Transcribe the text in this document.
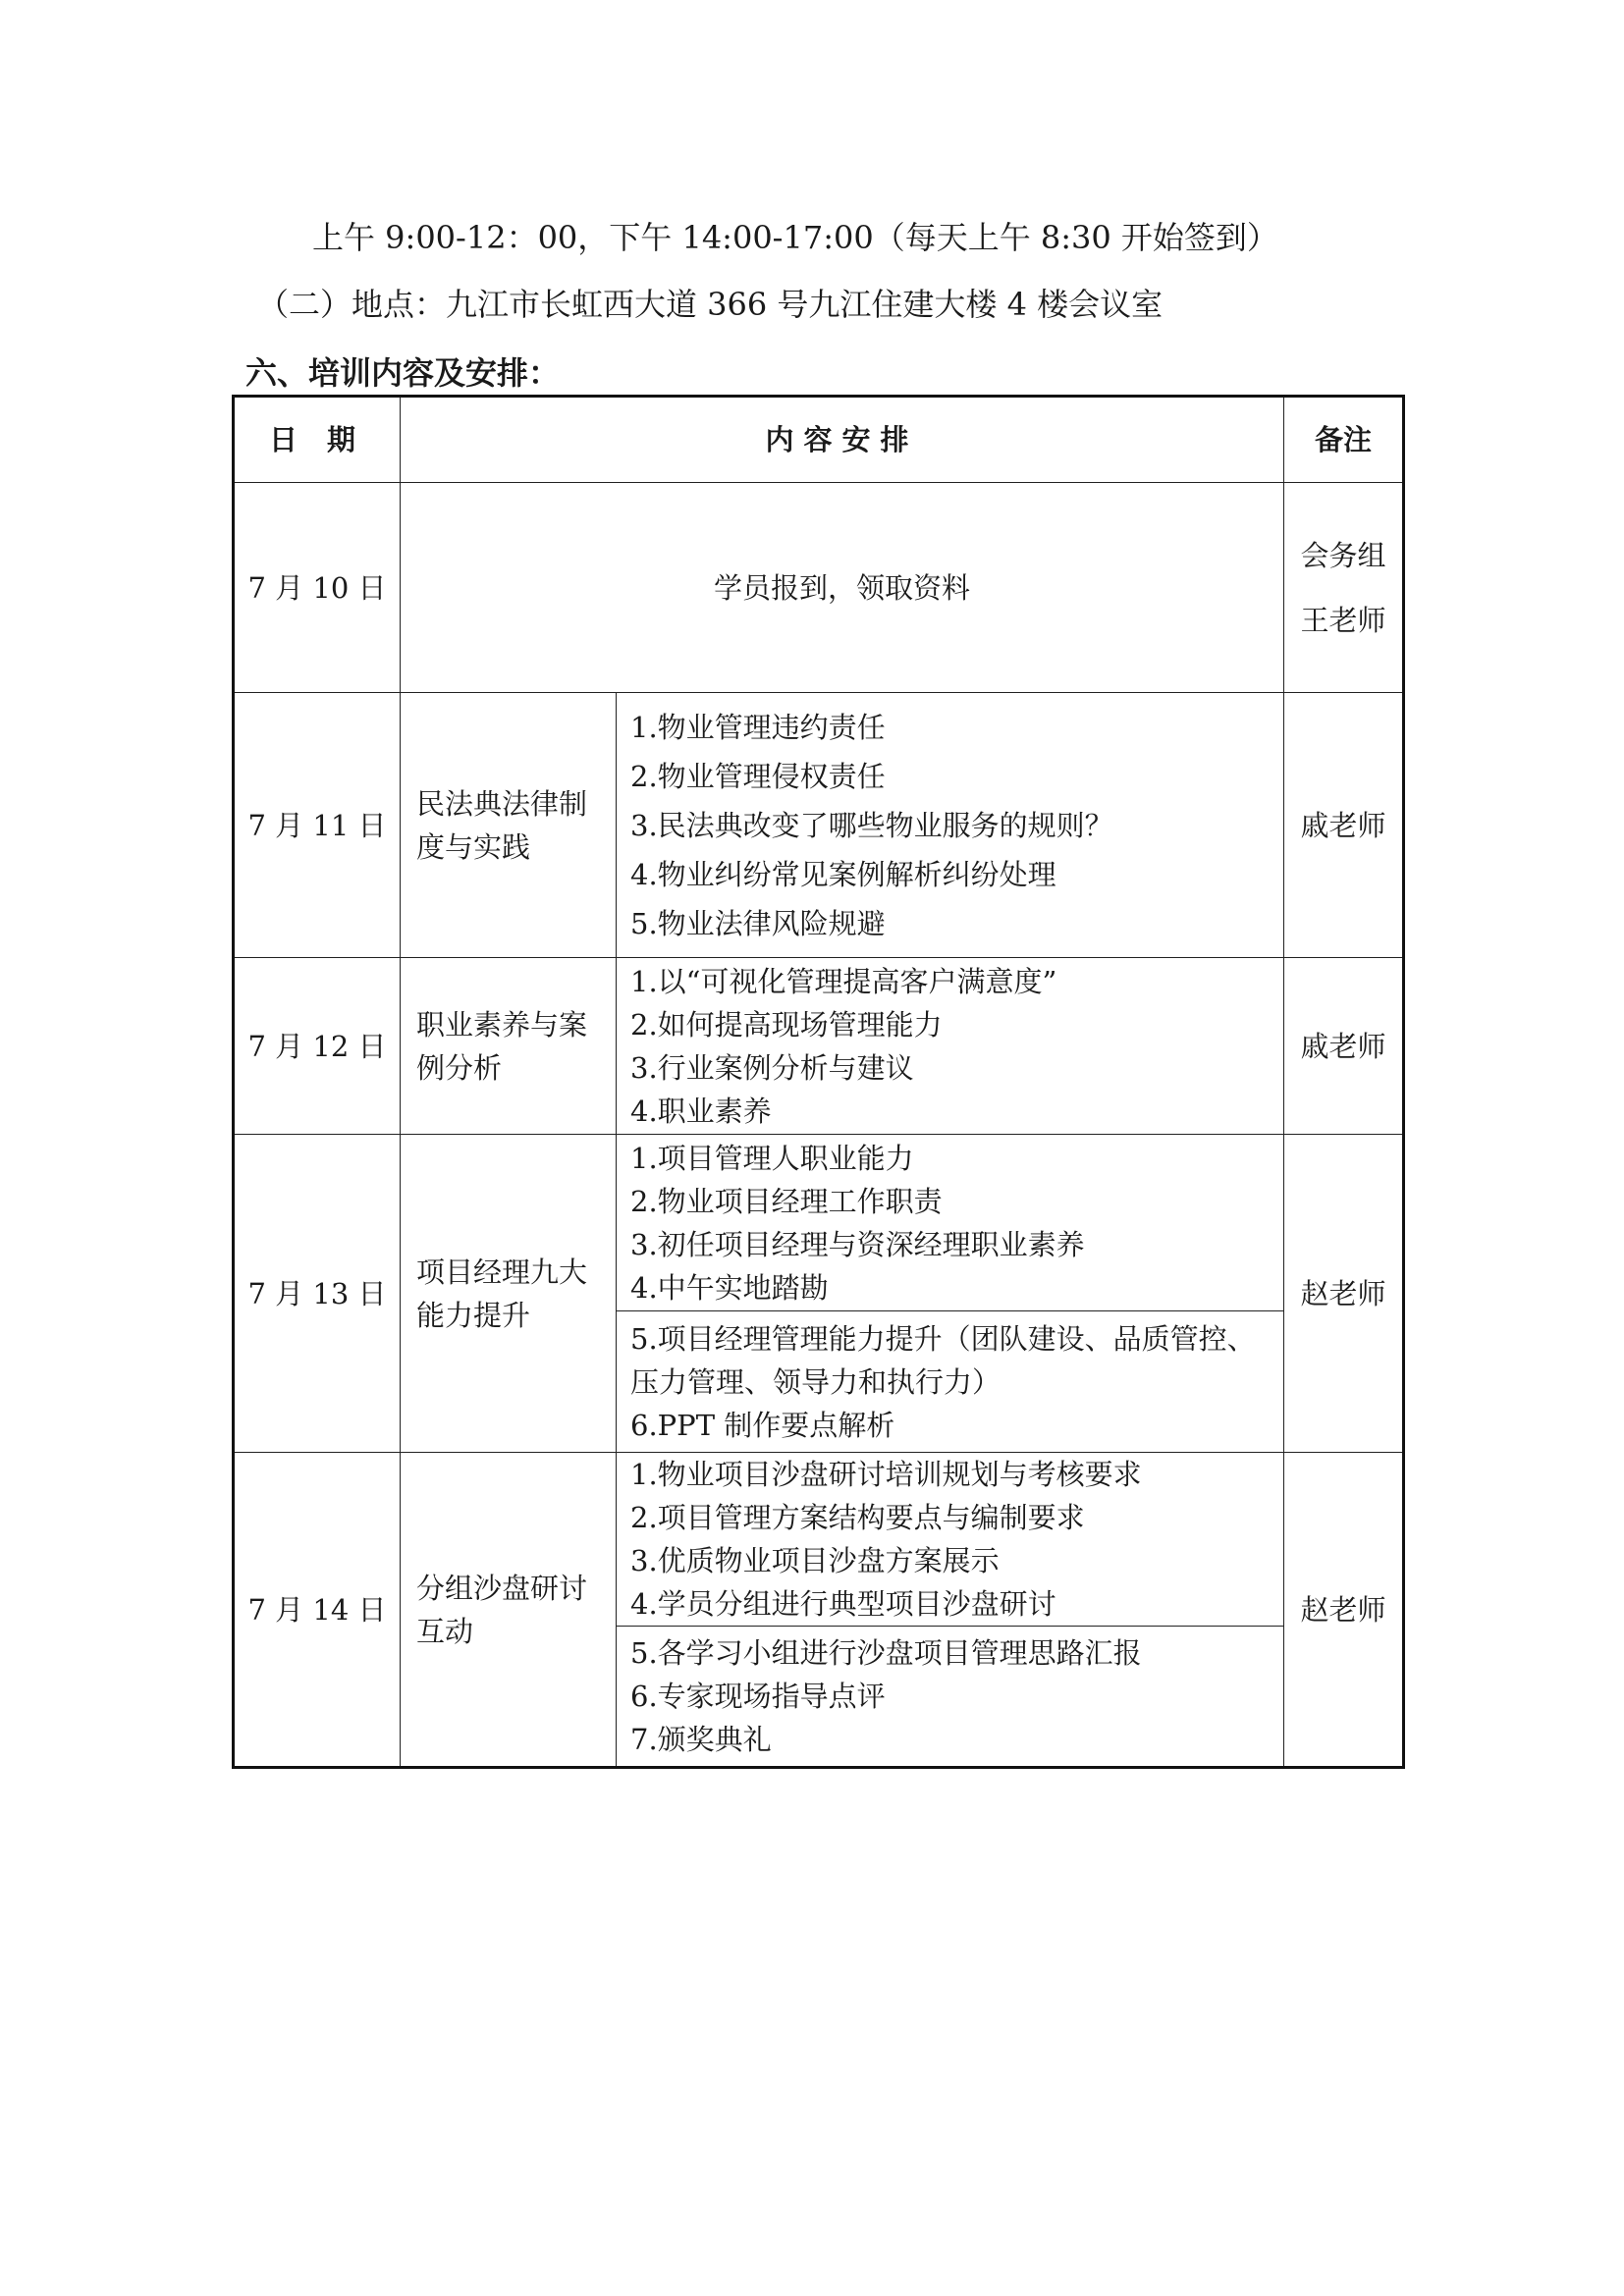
上午 9:00-12：00，下午 14:00-17:00（每天上午 8:30 开始签到）
（二）地点：九江市长虹西大道 366 号九江住建大楼 4 楼会议室
六、培训内容及安排：
日 期	内容安排		备注
7 月 10 日	学员报到，领取资料		会务组
王老师

7 月 11 日	民法典法律制度与实践	1.物业管理违约责任
2.物业管理侵权责任
3.民法典改变了哪些物业服务的规则？
4.物业纠纷常见案例解析纠纷处理
5.物业法律风险规避	戚老师
7 月 12 日	职业素养与案例分析	1.以“可视化管理提高客户满意度”
2.如何提高现场管理能力
3.行业案例分析与建议
4.职业素养	戚老师
7 月 13 日	项目经理九大能力提升	1.项目管理人职业能力
2.物业项目经理工作职责
3.初任项目经理与资深经理职业素养
4.中午实地踏勘	赵老师

		5.项目经理管理能力提升（团队建设、品质管控、
压力管理、领导力和执行力）
6.PPT 制作要点解析	

7 月 14 日	分组沙盘研讨互动	1.物业项目沙盘研讨培训规划与考核要求
2.项目管理方案结构要点与编制要求
3.优质物业项目沙盘方案展示
4.学员分组进行典型项目沙盘研讨	赵老师

		5.各学习小组进行沙盘项目管理思路汇报
6.专家现场指导点评
7.颁奖典礼	
